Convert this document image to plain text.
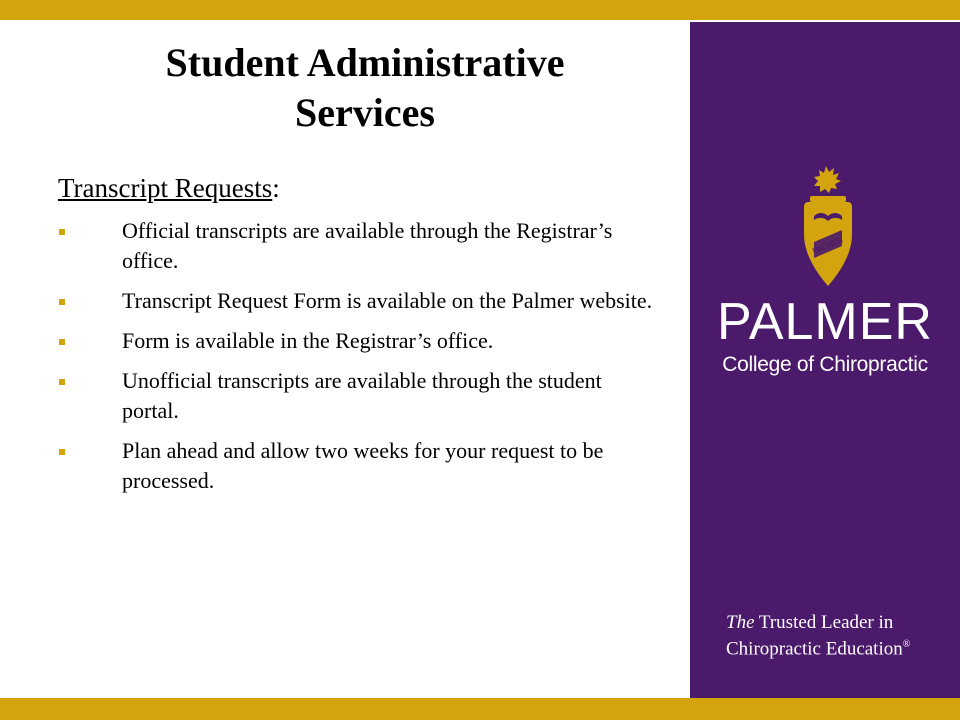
Student Administrative
Services
Transcript Requests:
Official transcripts are available through the Registrar’s office.
Transcript Request Form is available on the Palmer website.
Form is available in the Registrar’s office.
Unofficial transcripts are available through the student portal.
Plan ahead and allow two weeks for your request to be processed.
PALMER
PALMER
College of Chiropractic
The Trusted Leader in
Chiropractic Education®
